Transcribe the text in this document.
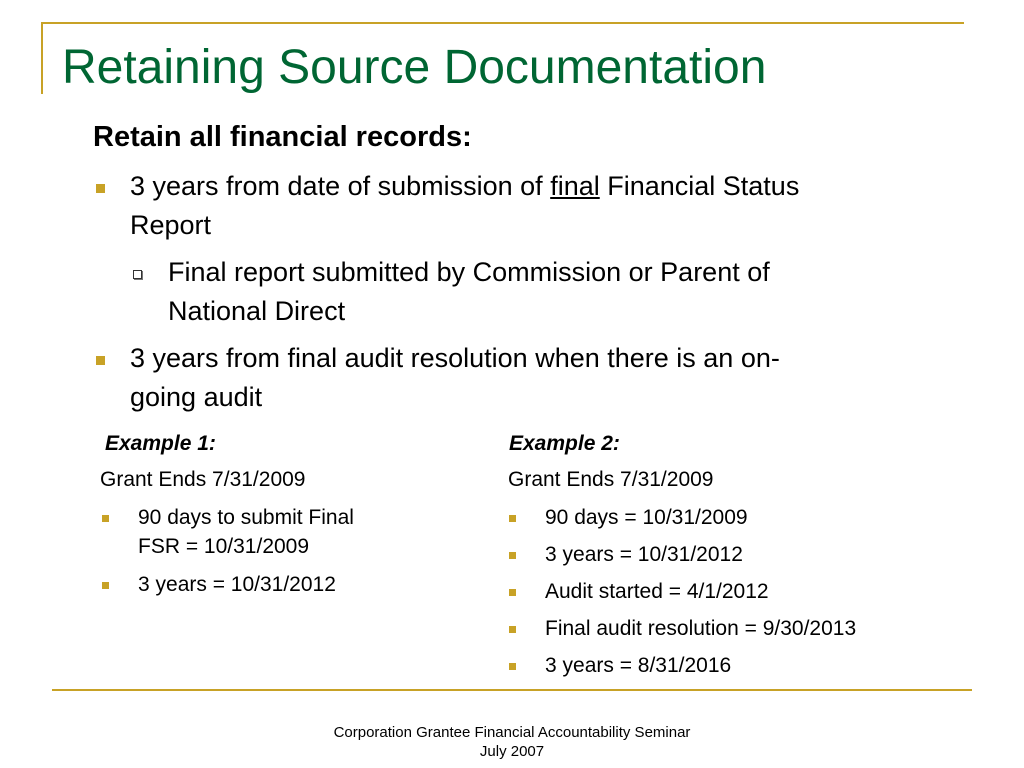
Retaining Source Documentation
Retain all financial records:
3 years from date of submission of final Financial Status
Report
Final report submitted by Commission or Parent of
National Direct
3 years from final audit resolution when there is an on-
going audit
Example 1:
Grant Ends 7/31/2009
90 days to submit Final
FSR = 10/31/2009
3 years = 10/31/2012
Example 2:
Grant Ends 7/31/2009
90 days = 10/31/2009
3 years = 10/31/2012
Audit started = 4/1/2012
Final audit resolution = 9/30/2013
3 years = 8/31/2016
Corporation Grantee Financial Accountability Seminar
July 2007
